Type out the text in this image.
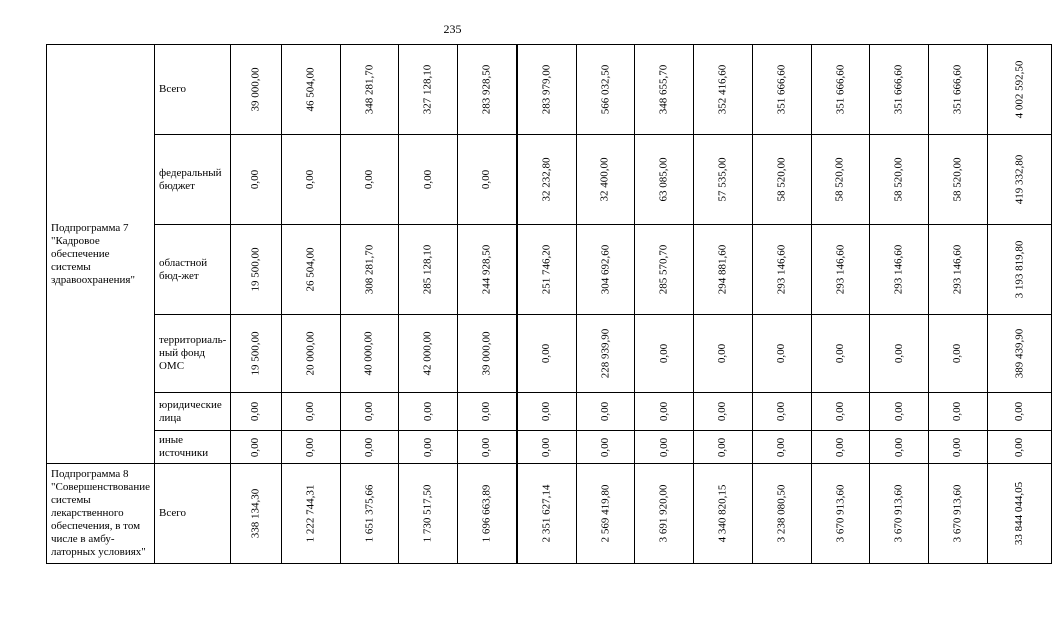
235
Подпрограмма 7 "Кадровое обеспечение системы здравоохранения"	Всего	39 000,00	46 504,00	348 281,70	327 128,10	283 928,50	283 979,00	566 032,50	348 655,70	352 416,60	351 666,60	351 666,60	351 666,60	351 666,60	4 002 592,50
	федеральный бюджет	0,00	0,00	0,00	0,00	0,00	32 232,80	32 400,00	63 085,00	57 535,00	58 520,00	58 520,00	58 520,00	58 520,00	419 332,80
	областной бюд-жет	19 500,00	26 504,00	308 281,70	285 128,10	244 928,50	251 746,20	304 692,60	285 570,70	294 881,60	293 146,60	293 146,60	293 146,60	293 146,60	3 193 819,80
	территориаль-ный фонд ОМС	19 500,00	20 000,00	40 000,00	42 000,00	39 000,00	0,00	228 939,90	0,00	0,00	0,00	0,00	0,00	0,00	389 439,90
	юридические лица	0,00	0,00	0,00	0,00	0,00	0,00	0,00	0,00	0,00	0,00	0,00	0,00	0,00	0,00
	иные источники	0,00	0,00	0,00	0,00	0,00	0,00	0,00	0,00	0,00	0,00	0,00	0,00	0,00	0,00
Подпрограмма 8 "Совершенствование системы лекарственного обеспечения, в том числе в амбу-латорных условиях"	Всего	338 134,30	1 222 744,31	1 651 375,66	1 730 517,50	1 696 663,89	2 351 627,14	2 569 419,80	3 691 920,00	4 340 820,15	3 238 080,50	3 670 913,60	3 670 913,60	3 670 913,60	33 844 044,05
